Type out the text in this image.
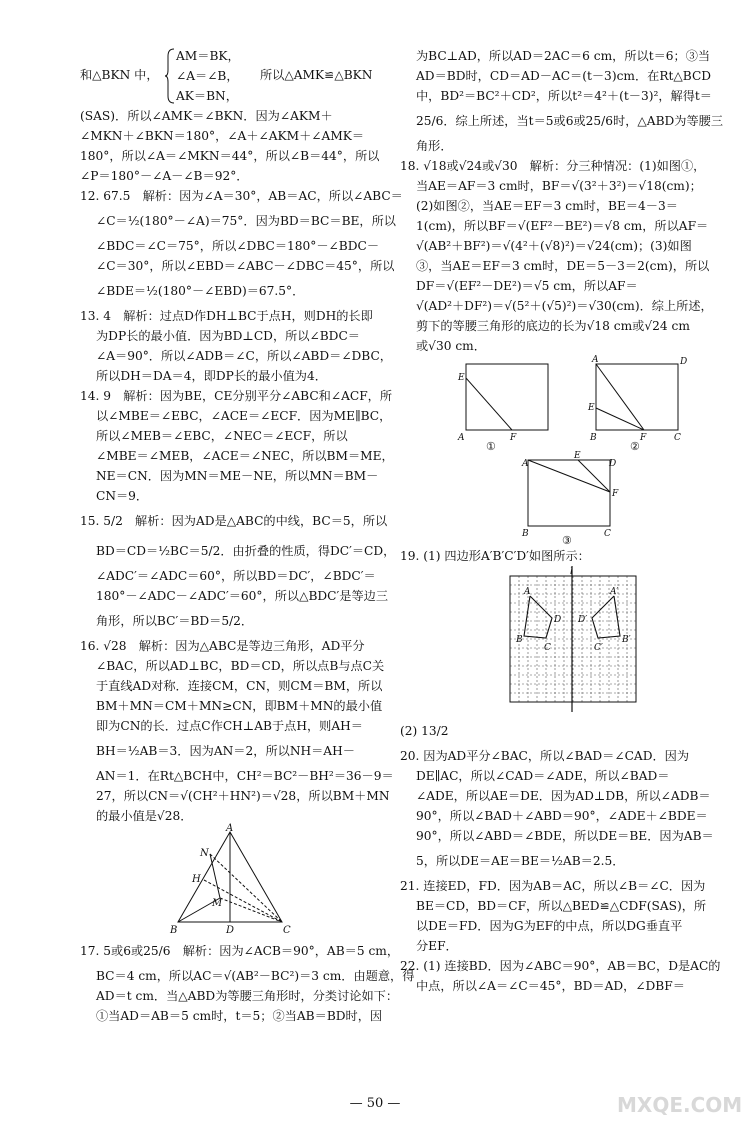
和△BKN 中，
AM＝BK，
∠A＝∠B，
AK＝BN，
所以△AMK≌△BKN
(SAS)．所以∠AMK＝∠BKN．因为∠AKM＋
∠MKN＋∠BKN＝180°，∠A＋∠AKM＋∠AMK＝
180°，所以∠A＝∠MKN＝44°，所以∠B＝44°，所以
∠P＝180°－∠A－∠B＝92°．
12. 67.5　解析：因为∠A＝30°，AB＝AC，所以∠ABC＝
∠C＝½(180°－∠A)＝75°．因为BD＝BC＝BE，所以
∠BDC＝∠C＝75°，所以∠DBC＝180°－∠BDC－
∠C＝30°，所以∠EBD＝∠ABC－∠DBC＝45°，所以
∠BDE＝½(180°－∠EBD)＝67.5°．
13. 4　解析：过点D作DH⊥BC于点H，则DH的长即
为DP长的最小值．因为BD⊥CD，所以∠BDC＝
∠A＝90°．所以∠ADB＝∠C，所以∠ABD＝∠DBC，
所以DH＝DA＝4，即DP长的最小值为4．
14. 9　解析：因为BE，CE分别平分∠ABC和∠ACF，所
以∠MBE＝∠EBC，∠ACE＝∠ECF．因为ME∥BC，
所以∠MEB＝∠EBC，∠NEC＝∠ECF，所以
∠MBE＝∠MEB，∠ACE＝∠NEC，所以BM＝ME，
NE＝CN．因为MN＝ME－NE，所以MN＝BM－
CN＝9．
15. 5/2　解析：因为AD是△ABC的中线，BC＝5，所以
BD＝CD＝½BC＝5/2．由折叠的性质，得DC′＝CD，
∠ADC′＝∠ADC＝60°，所以BD＝DC′，∠BDC′＝
180°－∠ADC－∠ADC′＝60°，所以△BDC′是等边三
角形，所以BC′＝BD＝5/2．
16. √28　解析：因为△ABC是等边三角形，AD平分
∠BAC，所以AD⊥BC，BD＝CD，所以点B与点C关
于直线AD对称．连接CM，CN，则CM＝BM，所以
BM＋MN＝CM＋MN≥CN，即BM＋MN的最小值
即为CN的长．过点C作CH⊥AB于点H，则AH＝
BH＝½AB＝3．因为AN＝2，所以NH＝AH－
AN＝1．在Rt△BCH中，CH²＝BC²－BH²＝36－9＝
27，所以CN＝√(CH²＋HN²)＝√28，所以BM＋MN
的最小值是√28．
A
N
H
M
B	D	C
17. 5或6或25/6　解析：因为∠ACB＝90°，AB＝5 cm，
BC＝4 cm，所以AC＝√(AB²－BC²)＝3 cm．由题意，得
AD＝t cm．当△ABD为等腰三角形时，分类讨论如下：
①当AD＝AB＝5 cm时，t＝5；②当AB＝BD时，因
为BC⊥AD，所以AD＝2AC＝6 cm，所以t＝6；③当
AD＝BD时，CD＝AD－AC＝(t－3)cm．在Rt△BCD
中，BD²＝BC²＋CD²，所以t²＝4²＋(t－3)²，解得t＝
25/6．综上所述，当t＝5或6或25/6时，△ABD为等腰三
角形．
18. √18或√24或√30　解析：分三种情况：(1)如图①，
当AE＝AF＝3 cm时，BF＝√(3²＋3²)＝√18(cm)；
(2)如图②，当AE＝EF＝3 cm时，BE＝4－3＝
1(cm)，所以BF＝√(EF²－BE²)＝√8 cm，所以AF＝
√(AB²＋BF²)＝√(4²＋(√8)²)＝√24(cm)；(3)如图
③，当AE＝EF＝3 cm时，DE＝5－3＝2(cm)，所以
DF＝√(EF²－DE²)＝√5 cm，所以AF＝
√(AD²＋DF²)＝√(5²＋(√5)²)＝√30(cm)．综上所述，
剪下的等腰三角形的底边的长为√18 cm或√24 cm
或√30 cm．
E
A	F
A	D
E
B	F	C
A
E
D
F
B	C
①	②
③
19. (1) 四边形A′B′C′D′如图所示：
l
A
D
B
C
A′
D′
B′
C′
(2) 13/2
20. 因为AD平分∠BAC，所以∠BAD＝∠CAD．因为
DE∥AC，所以∠CAD＝∠ADE，所以∠BAD＝
∠ADE，所以AE＝DE．因为AD⊥DB，所以∠ADB＝
90°，所以∠BAD＋∠ABD＝90°，∠ADE＋∠BDE＝
90°，所以∠ABD＝∠BDE，所以DE＝BE．因为AB＝
5，所以DE＝AE＝BE＝½AB＝2.5．
21. 连接ED，FD．因为AB＝AC，所以∠B＝∠C．因为
BE＝CD，BD＝CF，所以△BED≌△CDF(SAS)，所
以DE＝FD．因为G为EF的中点，所以DG垂直平
分EF．
22. (1) 连接BD．因为∠ABC＝90°，AB＝BC，D是AC的
中点，所以∠A＝∠C＝45°，BD＝AD，∠DBF＝
— 50 —	MXQE.COM
